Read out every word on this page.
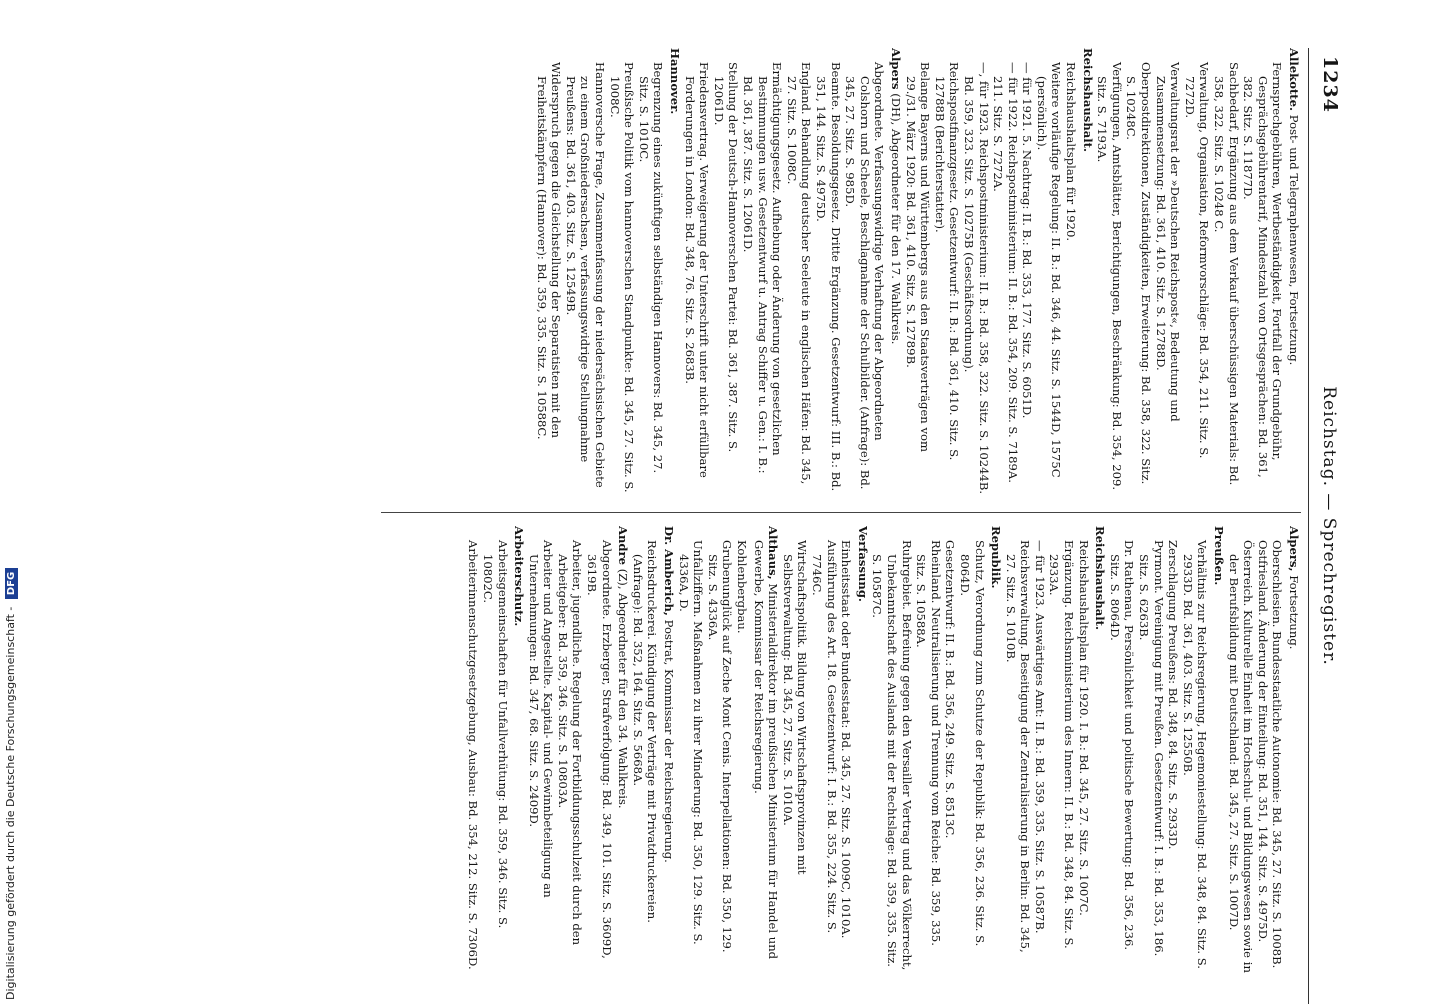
1234
Reichstag. — Sprechregister.

Allekotte. Post- und Telegraphenwesen, Fortsetzung.

Fernsprechgebühren, Wertbeständigkeit, Fortfall der Grundgebühr, Gesprächsgebührentarif, Mindestzahl von Ortsgesprächen: Bd. 361, 382. Sitz. S. 11877D.

Sachbedarf, Ergänzung aus dem Verkauf überschüssigen Materials: Bd. 358, 322. Sitz. S. 10248 C.

Verwaltung, Organisation, Reformvorschläge: Bd. 354, 211. Sitz. S. 7272D.

Verwaltungsrat der »Deutschen Reichspost«, Bedeutung und Zusammensetzung: Bd. 361, 410. Sitz. S. 12788D.

Oberpostdirektionen, Zuständigkeiten, Erweiterung: Bd. 358, 322. Sitz. S. 10248C.

Verfügungen, Amtsblätter, Berichtigungen, Beschränkung: Bd. 354, 209. Sitz. S. 7193A.

Reichshaushalt.

Reichshaushaltsplan für 1920.

Weitere vorläufige Regelung: II. B.: Bd. 346, 44. Sitz. S. 1544D, 1575C (persönlich).

— für 1921. 5. Nachtrag: II. B.: Bd. 353, 177. Sitz. S. 6051D.

— für 1922. Reichspostministerium: II. B.: Bd. 354, 209. Sitz. S. 7189A. 211. Sitz. S. 7272A.

—, für 1923. Reichspostministerium: II. B.: Bd. 358, 322. Sitz. S. 10244B. Bd. 359, 323. Sitz. S. 10275B (Geschäftsordnung).

Reichspostfinanzgesetz. Gesetzentwurf: II. B.: Bd. 361, 410. Sitz. S. 12788B (Berichterstatter).

Belange Bayerns und Württembergs aus den Staatsverträgen vom 29./31. März 1920: Bd. 361, 410. Sitz. S. 12789B.

Alpers (DH), Abgeordneter für den 17. Wahlkreis.

Abgeordnete. Verfassungswidrige Verhaftung der Abgeordneten Colshorn und Scheele, Beschlagnahme der Schulbilder. (Anfrage): Bd. 345, 27. Sitz. S. 985D.

Beamte. Besoldungsgesetz. Dritte Ergänzung. Gesetzentwurf: III. B.: Bd. 351, 144. Sitz. S. 4975D.

England. Behandlung deutscher Seeleute in englischen Häfen: Bd. 345, 27. Sitz. S. 1008C.

Ermächtigungsgesetz. Aufhebung oder Änderung von gesetzlichen Bestimmungen usw. Gesetzentwurf u. Antrag Schiffer u. Gen.: I. B.: Bd. 361, 387. Sitz. S. 12061D.

Stellung der Deutsch-Hannoverschen Partei: Bd. 361, 387. Sitz. S. 12061D.

Friedensvertrag. Verweigerung der Unterschrift unter nicht erfüllbare Forderungen in London: Bd. 348, 76. Sitz. S. 2683B.

Hannover.

Begrenzung eines zukünftigen selbständigen Hannovers: Bd. 345, 27. Sitz. S. 1010C.

Preußische Politik vom hannoverschen Standpunkte: Bd. 345, 27. Sitz. S. 1008C.

Hannoversche Frage, Zusammenfassung der niedersächsischen Gebiete zu einem Großniedersachsen, verfassungswidrige Stellungnahme Preußens: Bd. 361, 403. Sitz. S. 12549B.

Widerspruch gegen die Gleichstellung der Separatisten mit den Freiheitskämpfern (Hannover): Bd. 359, 335. Sitz. S. 10588C.

Alpers, Fortsetzung.

Oberschlesien. Bundesstaatliche Autonomie: Bd. 345, 27. Sitz. S. 1008B.

Ostfriesland. Änderung der Einteilung: Bd. 351, 144. Sitz. S. 4975D.

Österreich. Kulturelle Einheit im Hochschul- und Bildungswesen sowie in der Berufsbildung mit Deutschland: Bd. 345, 27. Sitz. S. 1007D.

Preußen.

Verhältnis zur Reichsregierung, Hegemoniestellung: Bd. 348, 84. Sitz. S. 2933D. Bd. 361, 403. Sitz. S. 12550B.

Zerschlagung Preußens: Bd. 348, 84. Sitz. S. 2933D.

Pyrmont. Vereinigung mit Preußen. Gesetzentwurf: I. B.: Bd. 353, 186. Sitz. S. 6263B.

Dr. Rathenau, Persönlichkeit und politische Bewertung: Bd. 356, 236. Sitz. S. 8064D.

Reichshaushalt.

Reichshaushaltsplan für 1920. I. B.: Bd. 345, 27. Sitz. S. 1007C.

Ergänzung. Reichsministerium des Innern: II. B.: Bd. 348, 84. Sitz. S. 2933A.

— für 1923. Auswärtiges Amt: II. B.: Bd. 359, 335. Sitz. S. 10587B.

Reichsverwaltung. Beseitigung der Zentralisierung in Berlin: Bd. 345, 27. Sitz. S. 1010B.

Republik.

Schutz, Verordnung zum Schutze der Republik: Bd. 356, 236. Sitz. S. 8064D.

Gesetzentwurf: II. B.: Bd. 356, 249. Sitz. S. 8513C.

Rheinland. Neutralisierung und Trennung vom Reiche: Bd. 359, 335. Sitz. S. 10588A.

Ruhrgebiet. Befreiung gegen den Versailler Vertrag und das Völkerrecht, Unbekanntschaft des Auslands mit der Rechtslage: Bd. 359, 335. Sitz. S. 10587C.

Verfassung.

Einheitsstaat oder Bundesstaat: Bd. 345, 27. Sitz. S. 1009C, 1010A.

Ausführung des Art. 18. Gesetzentwurf: I. B.: Bd. 355, 224. Sitz. S. 7746C.

Wirtschaftspolitik. Bildung von Wirtschaftsprovinzen mit Selbstverwaltung: Bd. 345, 27. Sitz. S. 1010A.

Althaus, Ministerialdirektor im preußischen Ministerium für Handel und Gewerbe, Kommissar der Reichsregierung.

Kohlenbergbau.

Grubenunglück auf Zeche Mont Cenis. Interpellationen: Bd. 350, 129. Sitz. S. 4336A.

Unfallziffern. Maßnahmen zu ihrer Minderung: Bd. 350, 129. Sitz. S. 4336A, D.

Dr. Amberich, Postrat, Kommissar der Reichsregierung.

Reichsdruckerei. Kündigung der Verträge mit Privatdruckereien. (Anfrage): Bd. 352, 164. Sitz. S. 5668A.

Andre (Z), Abgeordneter für den 34. Wahlkreis.

Abgeordnete. Erzberger, Strafverfolgung: Bd. 349, 101. Sitz. S. 3609D, 3619B.

Arbeiter, jugendliche. Regelung der Fortbildungsschulzeit durch den Arbeitgeber: Bd. 359, 346. Sitz. S. 10803A.

Arbeiter und Angestellte. Kapital- und Gewinnbeteiligung an Unternehmungen: Bd. 347, 68. Sitz. S. 2409D.

Arbeiterschutz.

Arbeitsgemeinschaften für Unfallverhütung: Bd. 359, 346. Sitz. S. 10802C.

Arbeiterinnenschutzgesetzgebung, Ausbau: Bd. 354, 212. Sitz. S. 7306D.

Digitalisierung gefördert durch die Deutsche Forschungsgemeinschaft - DFG
